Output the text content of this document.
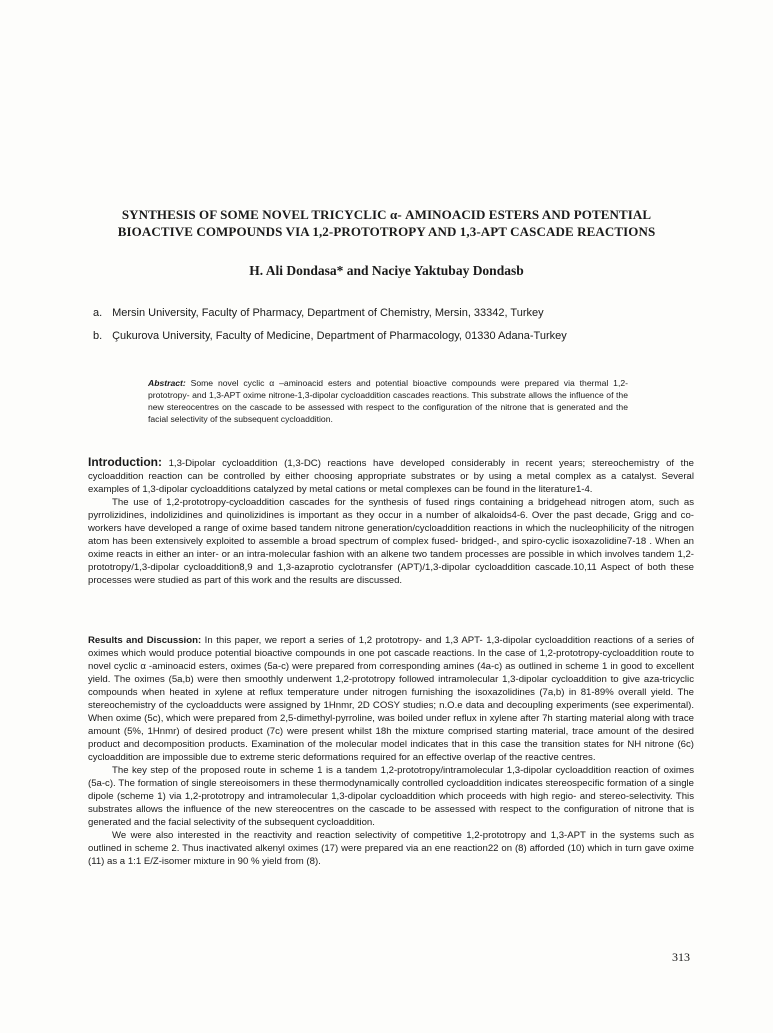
SYNTHESIS OF SOME NOVEL TRICYCLIC α- AMINOACID ESTERS AND POTENTIAL
BIOACTIVE COMPOUNDS VIA 1,2-PROTOTROPY AND 1,3-APT CASCADE REACTIONS
H. Ali Dondasa* and Naciye Yaktubay Dondasb
a. Mersin University, Faculty of Pharmacy, Department of Chemistry, Mersin, 33342, Turkey
b. Çukurova University, Faculty of Medicine, Department of Pharmacology, 01330 Adana-Turkey
Abstract: Some novel cyclic α –aminoacid esters and potential bioactive compounds were prepared via thermal 1,2-prototropy- and 1,3-APT oxime nitrone-1,3-dipolar cycloaddition cascades reactions. This substrate allows the influence of the new stereocentres on the cascade to be assessed with respect to the configuration of the nitrone that is generated and the facial selectivity of the subsequent cycloaddition.

Introduction: 1,3-Dipolar cycloaddition (1,3-DC) reactions have developed considerably in recent years; stereochemistry of the cycloaddition reaction can be controlled by either choosing appropriate substrates or by using a metal complex as a catalyst. Several examples of 1,3-dipolar cycloadditions catalyzed by metal cations or metal complexes can be found in the literature1-4.

The use of 1,2-prototropy-cycloaddition cascades for the synthesis of fused rings containing a bridgehead nitrogen atom, such as pyrrolizidines, indolizidines and quinolizidines is important as they occur in a number of alkaloids4-6. Over the past decade, Grigg and co-workers have developed a range of oxime based tandem nitrone generation/cycloaddition reactions in which the nucleophilicity of the nitrogen atom has been extensively exploited to assemble a broad spectrum of complex fused- bridged-, and spiro-cyclic isoxazolidine7-18 . When an oxime reacts in either an inter- or an intra-molecular fashion with an alkene two tandem processes are possible in which involves tandem 1,2-prototropy/1,3-dipolar cycloaddition8,9 and 1,3-azaprotio cyclotransfer (APT)/1,3-dipolar cycloaddition cascade.10,11 Aspect of both these processes were studied as part of this work and the results are discussed.

Results and Discussion: In this paper, we report a series of 1,2 prototropy- and 1,3 APT- 1,3-dipolar cycloaddition reactions of a series of oximes which would produce potential bioactive compounds in one pot cascade reactions. In the case of 1,2-prototropy-cycloaddition route to novel cyclic α -aminoacid esters, oximes (5a-c) were prepared from corresponding amines (4a-c) as outlined in scheme 1 in good to excellent yield. The oximes (5a,b) were then smoothly underwent 1,2-prototropy followed intramolecular 1,3-dipolar cycloaddition to give aza-tricyclic compounds when heated in xylene at reflux temperature under nitrogen furnishing the isoxazolidines (7a,b) in 81-89% overall yield. The stereochemistry of the cycloadducts were assigned by 1Hnmr, 2D COSY studies; n.O.e data and decoupling experiments (see experimental). When oxime (5c), which were prepared from 2,5-dimethyl-pyrroline, was boiled under reflux in xylene after 7h starting material along with trace amount (5%, 1Hnmr) of desired product (7c) were present whilst 18h the mixture comprised starting material, trace amount of the desired product and decomposition products. Examination of the molecular model indicates that in this case the transition states for NH nitrone (6c) cycloaddition are impossible due to extreme steric deformations required for an effective overlap of the reactive centres.

The key step of the proposed route in scheme 1 is a tandem 1,2-prototropy/intramolecular 1,3-dipolar cycloaddition reaction of oximes (5a-c). The formation of single stereoisomers in these thermodynamically controlled cycloaddition indicates stereospecific formation of a single dipole (scheme 1) via 1,2-prototropy and intramolecular 1,3-dipolar cycloaddition which proceeds with high regio- and stereo-selectivity. This substrates allows the influence of the new stereocentres on the cascade to be assessed with respect to the configuration of nitrone that is generated and the facial selectivity of the subsequent cycloaddition.

We were also interested in the reactivity and reaction selectivity of competitive 1,2-prototropy and 1,3-APT in the systems such as outlined in scheme 2. Thus inactivated alkenyl oximes (17) were prepared via an ene reaction22 on (8) afforded (10) which in turn gave oxime (11) as a 1:1 E/Z-isomer mixture in 90 % yield from (8).

313
